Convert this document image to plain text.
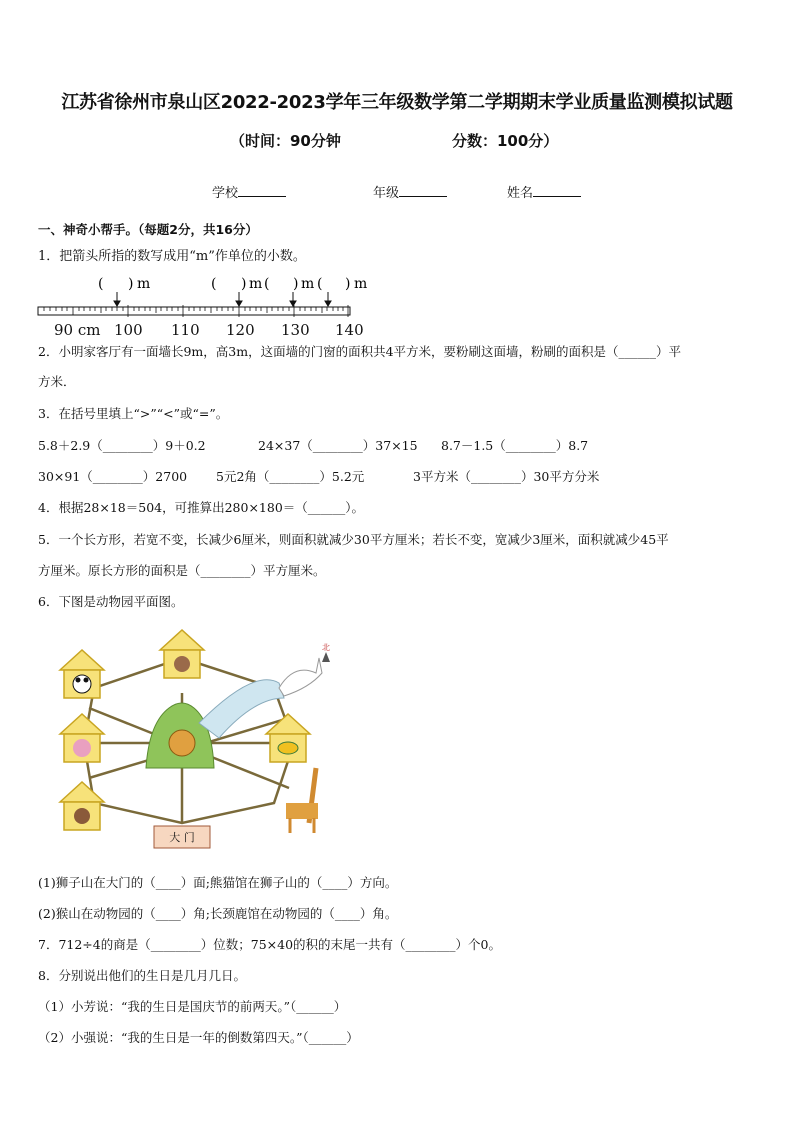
江苏省徐州市泉山区2022-2023学年三年级数学第二学期期末学业质量监测模拟试题
（时间：90分钟	分数：100分）
学校	年级	姓名
一、神奇小帮手。（每题2分，共16分）
1．把箭头所指的数写成用“m”作单位的小数。
( ) m	( ) m ( ) m ( ) m
90 cm 100 110 120 130 140
2．小明家客厅有一面墙长9m，高3m，这面墙的门窗的面积共4平方米，要粉刷这面墙，粉刷的面积是（______）平
方米．
3．在括号里填上“>”“<”或“=”。
5.8＋2.9（________）9＋0.2	24×37（________）37×15 8.7－1.5（________）8.7
30×91（________）2700 5元2角（________）5.2元	3平方米（________）30平方分米
4．根据28×18＝504，可推算出280×180＝（______）。
5．一个长方形，若宽不变，长减少6厘米，则面积就减少30平方厘米；若长不变，宽减少3厘米，面积就减少45平
方厘米。原长方形的面积是（________）平方厘米。
6．下图是动物园平面图。
大 门
北
(1)狮子山在大门的（____）面;熊猫馆在狮子山的（____）方向。
(2)猴山在动物园的（____）角;长颈鹿馆在动物园的（____）角。
7．712÷4的商是（________）位数；75×40的积的末尾一共有（________）个0。
8．分别说出他们的生日是几月几日。
（1）小芳说：“我的生日是国庆节的前两天。”（______）
（2）小强说：“我的生日是一年的倒数第四天。”（______）
